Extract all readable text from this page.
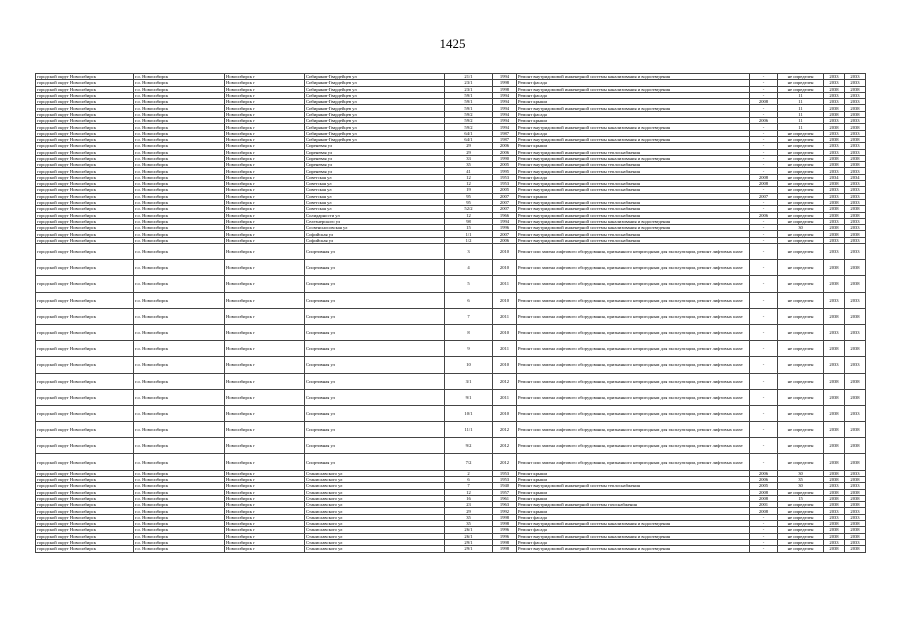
1425
городской округ Новосибирск	г.о. Новосибирск	Новосибирск г	Сибиряков-Гвардейцев ул	21/1	1994	Ремонт внутридомовой инженерной системы канализования и водоотведения	-	не определен	2033	2033
городской округ Новосибирск	г.о. Новосибирск	Новосибирск г	Сибиряков-Гвардейцев ул	23/1	1998	Ремонт фасада	-	не определен	2033	2033
городской округ Новосибирск	г.о. Новосибирск	Новосибирск г	Сибиряков-Гвардейцев ул	23/1	1998	Ремонт внутридомовой инженерной системы канализования и водоотведения	-	не определен	2038	2038
городской округ Новосибирск	г.о. Новосибирск	Новосибирск г	Сибиряков-Гвардейцев ул	59/1	1994	Ремонт фасада	-	11	2033	2033
городской округ Новосибирск	г.о. Новосибирск	Новосибирск г	Сибиряков-Гвардейцев ул	59/1	1994	Ремонт крыши	2008	11	2033	2033
городской округ Новосибирск	г.о. Новосибирск	Новосибирск г	Сибиряков-Гвардейцев ул	59/1	1994	Ремонт внутридомовой инженерной системы канализования и водоотведения	-	11	2038	2038
городской округ Новосибирск	г.о. Новосибирск	Новосибирск г	Сибиряков-Гвардейцев ул	59/2	1994	Ремонт фасада	-	11	2038	2038
городской округ Новосибирск	г.о. Новосибирск	Новосибирск г	Сибиряков-Гвардейцев ул	59/2	1994	Ремонт крыши	2006	11	2033	2033
городской округ Новосибирск	г.о. Новосибирск	Новосибирск г	Сибиряков-Гвардейцев ул	59/2	1994	Ремонт внутридомовой инженерной системы канализования и водоотведения	-	11	2038	2038
городской округ Новосибирск	г.о. Новосибирск	Новосибирск г	Сибиряков-Гвардейцев ул	64/1	1987	Ремонт фасада	-	не определен	2033	2033
городской округ Новосибирск	г.о. Новосибирск	Новосибирск г	Сибиряков-Гвардейцев ул	64/1	1987	Ремонт внутридомовой инженерной системы канализования и водоотведения	-	не определен	2038	2038
городской округ Новосибирск	г.о. Новосибирск	Новосибирск г	Сиреневая ул	29	2006	Ремонт крыши	-	не определен	2033	2033
городской округ Новосибирск	г.о. Новосибирск	Новосибирск г	Сиреневая ул	29	2006	Ремонт внутридомовой инженерной системы теплоснабжения	-	не определен	2033	2033
городской округ Новосибирск	г.о. Новосибирск	Новосибирск г	Сиреневая ул	33	1990	Ремонт внутридомовой инженерной системы канализования и водоотведения	-	не определен	2038	2038
городской округ Новосибирск	г.о. Новосибирск	Новосибирск г	Сиреневая ул	35	2005	Ремонт внутридомовой инженерной системы теплоснабжения	-	не определен	2038	2038
городской округ Новосибирск	г.о. Новосибирск	Новосибирск г	Сиреневая ул	41	1995	Ремонт внутридомовой инженерной системы теплоснабжения	-	не определен	2033	2033
городской округ Новосибирск	г.о. Новосибирск	Новосибирск г	Советская ул	12	1953	Ремонт фасада	2008	не определен	2034	2034
городской округ Новосибирск	г.о. Новосибирск	Новосибирск г	Советская ул	12	1953	Ремонт внутридомовой инженерной системы теплоснабжения	2008	не определен	2038	2033
городской округ Новосибирск	г.о. Новосибирск	Новосибирск г	Советская ул	19	2005	Ремонт внутридомовой инженерной системы теплоснабжения	-	не определен	2033	2033
городской округ Новосибирск	г.о. Новосибирск	Новосибирск г	Советская ул	95	2007	Ремонт крыши	2007	не определен	2033	2033
городской округ Новосибирск	г.о. Новосибирск	Новосибирск г	Советская ул	95	2007	Ремонт внутридомовой инженерной системы теплоснабжения	-	не определен	2038	2033
городской округ Новосибирск	г.о. Новосибирск	Новосибирск г	Советская ул	52/2	2007	Ремонт внутридомовой инженерной системы теплоснабжения	-	не определен	2038	2038
городской округ Новосибирск	г.о. Новосибирск	Новосибирск г	Солидарности ул	12	1966	Ремонт внутридомовой инженерной системы теплоснабжения	2006	не определен	2038	2038
городской округ Новосибирск	г.о. Новосибирск	Новосибирск г	Селезнерского ул	98	1994	Ремонт внутридомовой инженерной системы канализования и водоотведения	-	не определен	2033	2033
городской округ Новосибирск	г.о. Новосибирск	Новосибирск г	Сосвенсносовская ул	15	1996	Ремонт внутридомовой инженерной системы канализования и водоотведения	-	30	2038	2033
городской округ Новосибирск	г.о. Новосибирск	Новосибирск г	Софийская ул	1/1	2007	Ремонт внутридомовой инженерной системы теплоснабжения	-	не определен	2038	2038
городской округ Новосибирск	г.о. Новосибирск	Новосибирск г	Софийская ул	1/2	2006	Ремонт внутридомовой инженерной системы теплоснабжения	-	не определен	2033	2033
городской округ Новосибирск	г.о. Новосибирск	Новосибирск г	Спортивная ул	3	2010	Ремонт или замена лифтового оборудования, признанного непригодным для эксплуатации, ремонт лифтовых шахт	-	не определен	2033	2033
городской округ Новосибирск	г.о. Новосибирск	Новосибирск г	Спортивная ул	4	2010	Ремонт или замена лифтового оборудования, признанного непригодным для эксплуатации, ремонт лифтовых шахт	-	не определен	2038	2038
городской округ Новосибирск	г.о. Новосибирск	Новосибирск г	Спортивная ул	5	2011	Ремонт или замена лифтового оборудования, признанного непригодным для эксплуатации, ремонт лифтовых шахт	-	не определен	2038	2038
городской округ Новосибирск	г.о. Новосибирск	Новосибирск г	Спортивная ул	6	2010	Ремонт или замена лифтового оборудования, признанного непригодным для эксплуатации, ремонт лифтовых шахт	-	не определен	2033	2033
городской округ Новосибирск	г.о. Новосибирск	Новосибирск г	Спортивная ул	7	2011	Ремонт или замена лифтового оборудования, признанного непригодным для эксплуатации, ремонт лифтовых шахт	-	не определен	2038	2038
городской округ Новосибирск	г.о. Новосибирск	Новосибирск г	Спортивная ул	8	2010	Ремонт или замена лифтового оборудования, признанного непригодным для эксплуатации, ремонт лифтовых шахт	-	не определен	2033	2033
городской округ Новосибирск	г.о. Новосибирск	Новосибирск г	Спортивная ул	9	2011	Ремонт или замена лифтового оборудования, признанного непригодным для эксплуатации, ремонт лифтовых шахт	-	не определен	2038	2038
городской округ Новосибирск	г.о. Новосибирск	Новосибирск г	Спортивная ул	10	2010	Ремонт или замена лифтового оборудования, признанного непригодным для эксплуатации, ремонт лифтовых шахт	-	не определен	2033	2033
городской округ Новосибирск	г.о. Новосибирск	Новосибирск г	Спортивная ул	3/1	2012	Ремонт или замена лифтового оборудования, признанного непригодным для эксплуатации, ремонт лифтовых шахт	-	не определен	2038	2038
городской округ Новосибирск	г.о. Новосибирск	Новосибирск г	Спортивная ул	9/1	2011	Ремонт или замена лифтового оборудования, признанного непригодным для эксплуатации, ремонт лифтовых шахт	-	не определен	2038	2038
городской округ Новосибирск	г.о. Новосибирск	Новосибирск г	Спортивная ул	10/1	2010	Ремонт или замена лифтового оборудования, признанного непригодным для эксплуатации, ремонт лифтовых шахт	-	не определен	2038	2033
городской округ Новосибирск	г.о. Новосибирск	Новосибирск г	Спортивная ул	11/1	2012	Ремонт или замена лифтового оборудования, признанного непригодным для эксплуатации, ремонт лифтовых шахт	-	не определен	2038	2038
городской округ Новосибирск	г.о. Новосибирск	Новосибирск г	Спортивная ул	9/2	2012	Ремонт или замена лифтового оборудования, признанного непригодным для эксплуатации, ремонт лифтовых шахт	-	не определен	2038	2038
городской округ Новосибирск	г.о. Новосибирск	Новосибирск г	Спортивная ул	7/2	2012	Ремонт или замена лифтового оборудования, признанного непригодным для эксплуатации, ремонт лифтовых шахт	-	не определен	2038	2038
городской округ Новосибирск	г.о. Новосибирск	Новосибирск г	Станиславского ул	2	1953	Ремонт крыши	2006	30	2038	2033
городской округ Новосибирск	г.о. Новосибирск	Новосибирск г	Станиславского ул	6	1953	Ремонт крыши	2006	35	2038	2038
городской округ Новосибирск	г.о. Новосибирск	Новосибирск г	Станиславского ул	7	1940	Ремонт внутридомовой инженерной системы теплоснабжения	2005	30	2033	2033
городской округ Новосибирск	г.о. Новосибирск	Новосибирск г	Станиславского ул	12	1957	Ремонт крыши	2008	не определен	2038	2038
городской округ Новосибирск	г.о. Новосибирск	Новосибирск г	Станиславского ул	16	1961	Ремонт крыши	2008	15	2038	2038
городской округ Новосибирск	г.о. Новосибирск	Новосибирск г	Станиславского ул	23	1963	Ремонт внутридомовой инженерной системы газоснабжения	2001	не определен	2038	2038
городской округ Новосибирск	г.о. Новосибирск	Новосибирск г	Станиславского ул	29	1992	Ремонт крыши	2008	не определен	2033	2033
городской округ Новосибирск	г.о. Новосибирск	Новосибирск г	Станиславского ул	35	1998	Ремонт фасада	-	не определен	2033	2033
городской округ Новосибирск	г.о. Новосибирск	Новосибирск г	Станиславского ул	35	1998	Ремонт внутридомовой инженерной системы канализования и водоотведения	-	не определен	2038	2038
городской округ Новосибирск	г.о. Новосибирск	Новосибирск г	Станиславского ул	26/1	1996	Ремонт фасада	-	не определен	2038	2038
городской округ Новосибирск	г.о. Новосибирск	Новосибирск г	Станиславского ул	26/1	1996	Ремонт внутридомовой инженерной системы канализования и водоотведения	-	не определен	2038	2038
городской округ Новосибирск	г.о. Новосибирск	Новосибирск г	Станиславского ул	29/1	1998	Ремонт фасада	-	не определен	2033	2033
городской округ Новосибирск	г.о. Новосибирск	Новосибирск г	Станиславского ул	29/1	1998	Ремонт внутридомовой инженерной системы канализования и водоотведения	-	не определен	2038	2038
